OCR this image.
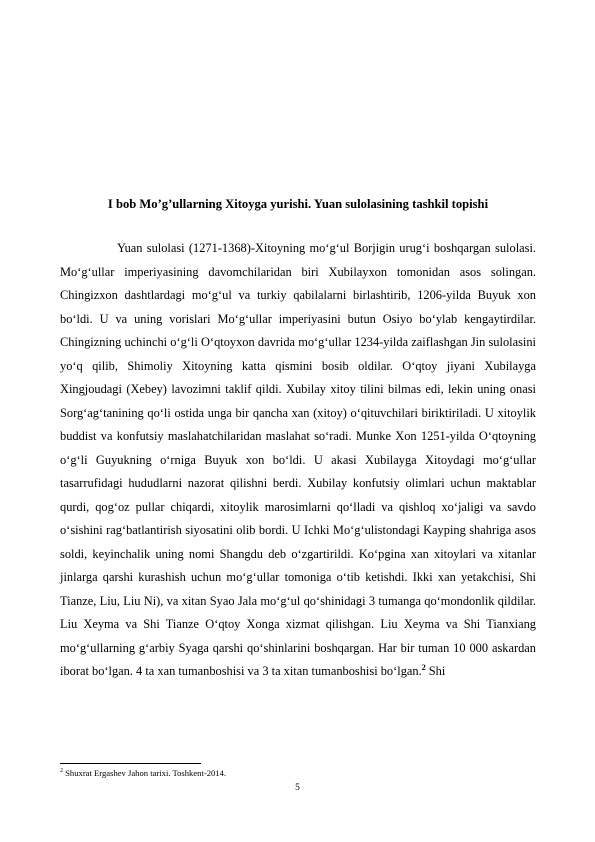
I bob Mo’g’ullarning Xitoyga yurishi. Yuan sulolasining tashkil topishi

Yuan sulolasi (1271-1368)-Xitoyning mo‘g‘ul Borjigin urug‘i boshqargan sulolasi. Mo‘g‘ullar imperiyasining davomchilaridan biri Xubilayxon tomonidan asos solingan. Chingizxon dashtlardagi mo‘g‘ul va turkiy qabilalarni birlashtirib, 1206-yilda Buyuk xon bo‘ldi. U va uning vorislari Mo‘g‘ullar imperiyasini butun Osiyo bo‘ylab kengaytirdilar. Chingizning uchinchi o‘g‘li O‘qtoyxon davrida mo‘g‘ullar 1234-yilda zaiflashgan Jin sulolasini yo‘q qilib, Shimoliy Xitoyning katta qismini bosib oldilar. O‘qtoy jiyani Xubilayga Xingjoudagi (Xebey) lavozimni taklif qildi. Xubilay xitoy tilini bilmas edi, lekin uning onasi Sorg‘ag‘tanining qo‘li ostida unga bir qancha xan (xitoy) o‘qituvchilari biriktiriladi. U xitoylik buddist va konfutsiy maslahatchilaridan maslahat so‘radi. Munke Xon 1251-yilda O‘qtoyning o‘g‘li Guyukning o‘rniga Buyuk xon bo‘ldi. U akasi Xubilayga Xitoydagi mo‘g‘ullar tasarrufidagi hududlarni nazorat qilishni berdi. Xubilay konfutsiy olimlari uchun maktablar qurdi, qog‘oz pullar chiqardi, xitoylik marosimlarni qo‘lladi va qishloq xo‘jaligi va savdo o‘sishini rag‘batlantirish siyosatini olib bordi. U Ichki Mo‘g‘ulistondagi Kayping shahriga asos soldi, keyinchalik uning nomi Shangdu deb o‘zgartirildi. Ko‘pgina xan xitoylari va xitanlar jinlarga qarshi kurashish uchun mo‘g‘ullar tomoniga o‘tib ketishdi. Ikki xan yetakchisi, Shi Tianze, Liu, Liu Ni), va xitan Syao Jala mo‘g‘ul qo‘shinidagi 3 tumanga qo‘mondonlik qildilar. Liu Xeyma va Shi Tianze O‘qtoy Xonga xizmat qilishgan. Liu Xeyma va Shi Tianxiang mo‘g‘ullarning g‘arbiy Syaga qarshi qo‘shinlarini boshqargan. Har bir tuman 10 000 askardan iborat bo‘lgan. 4 ta xan tumanboshisi va 3 ta xitan tumanboshisi bo‘lgan.$^2$ Shi

$^2$ Shuxrat Ergashev Jahon tarixi. Toshkent-2014.
5
